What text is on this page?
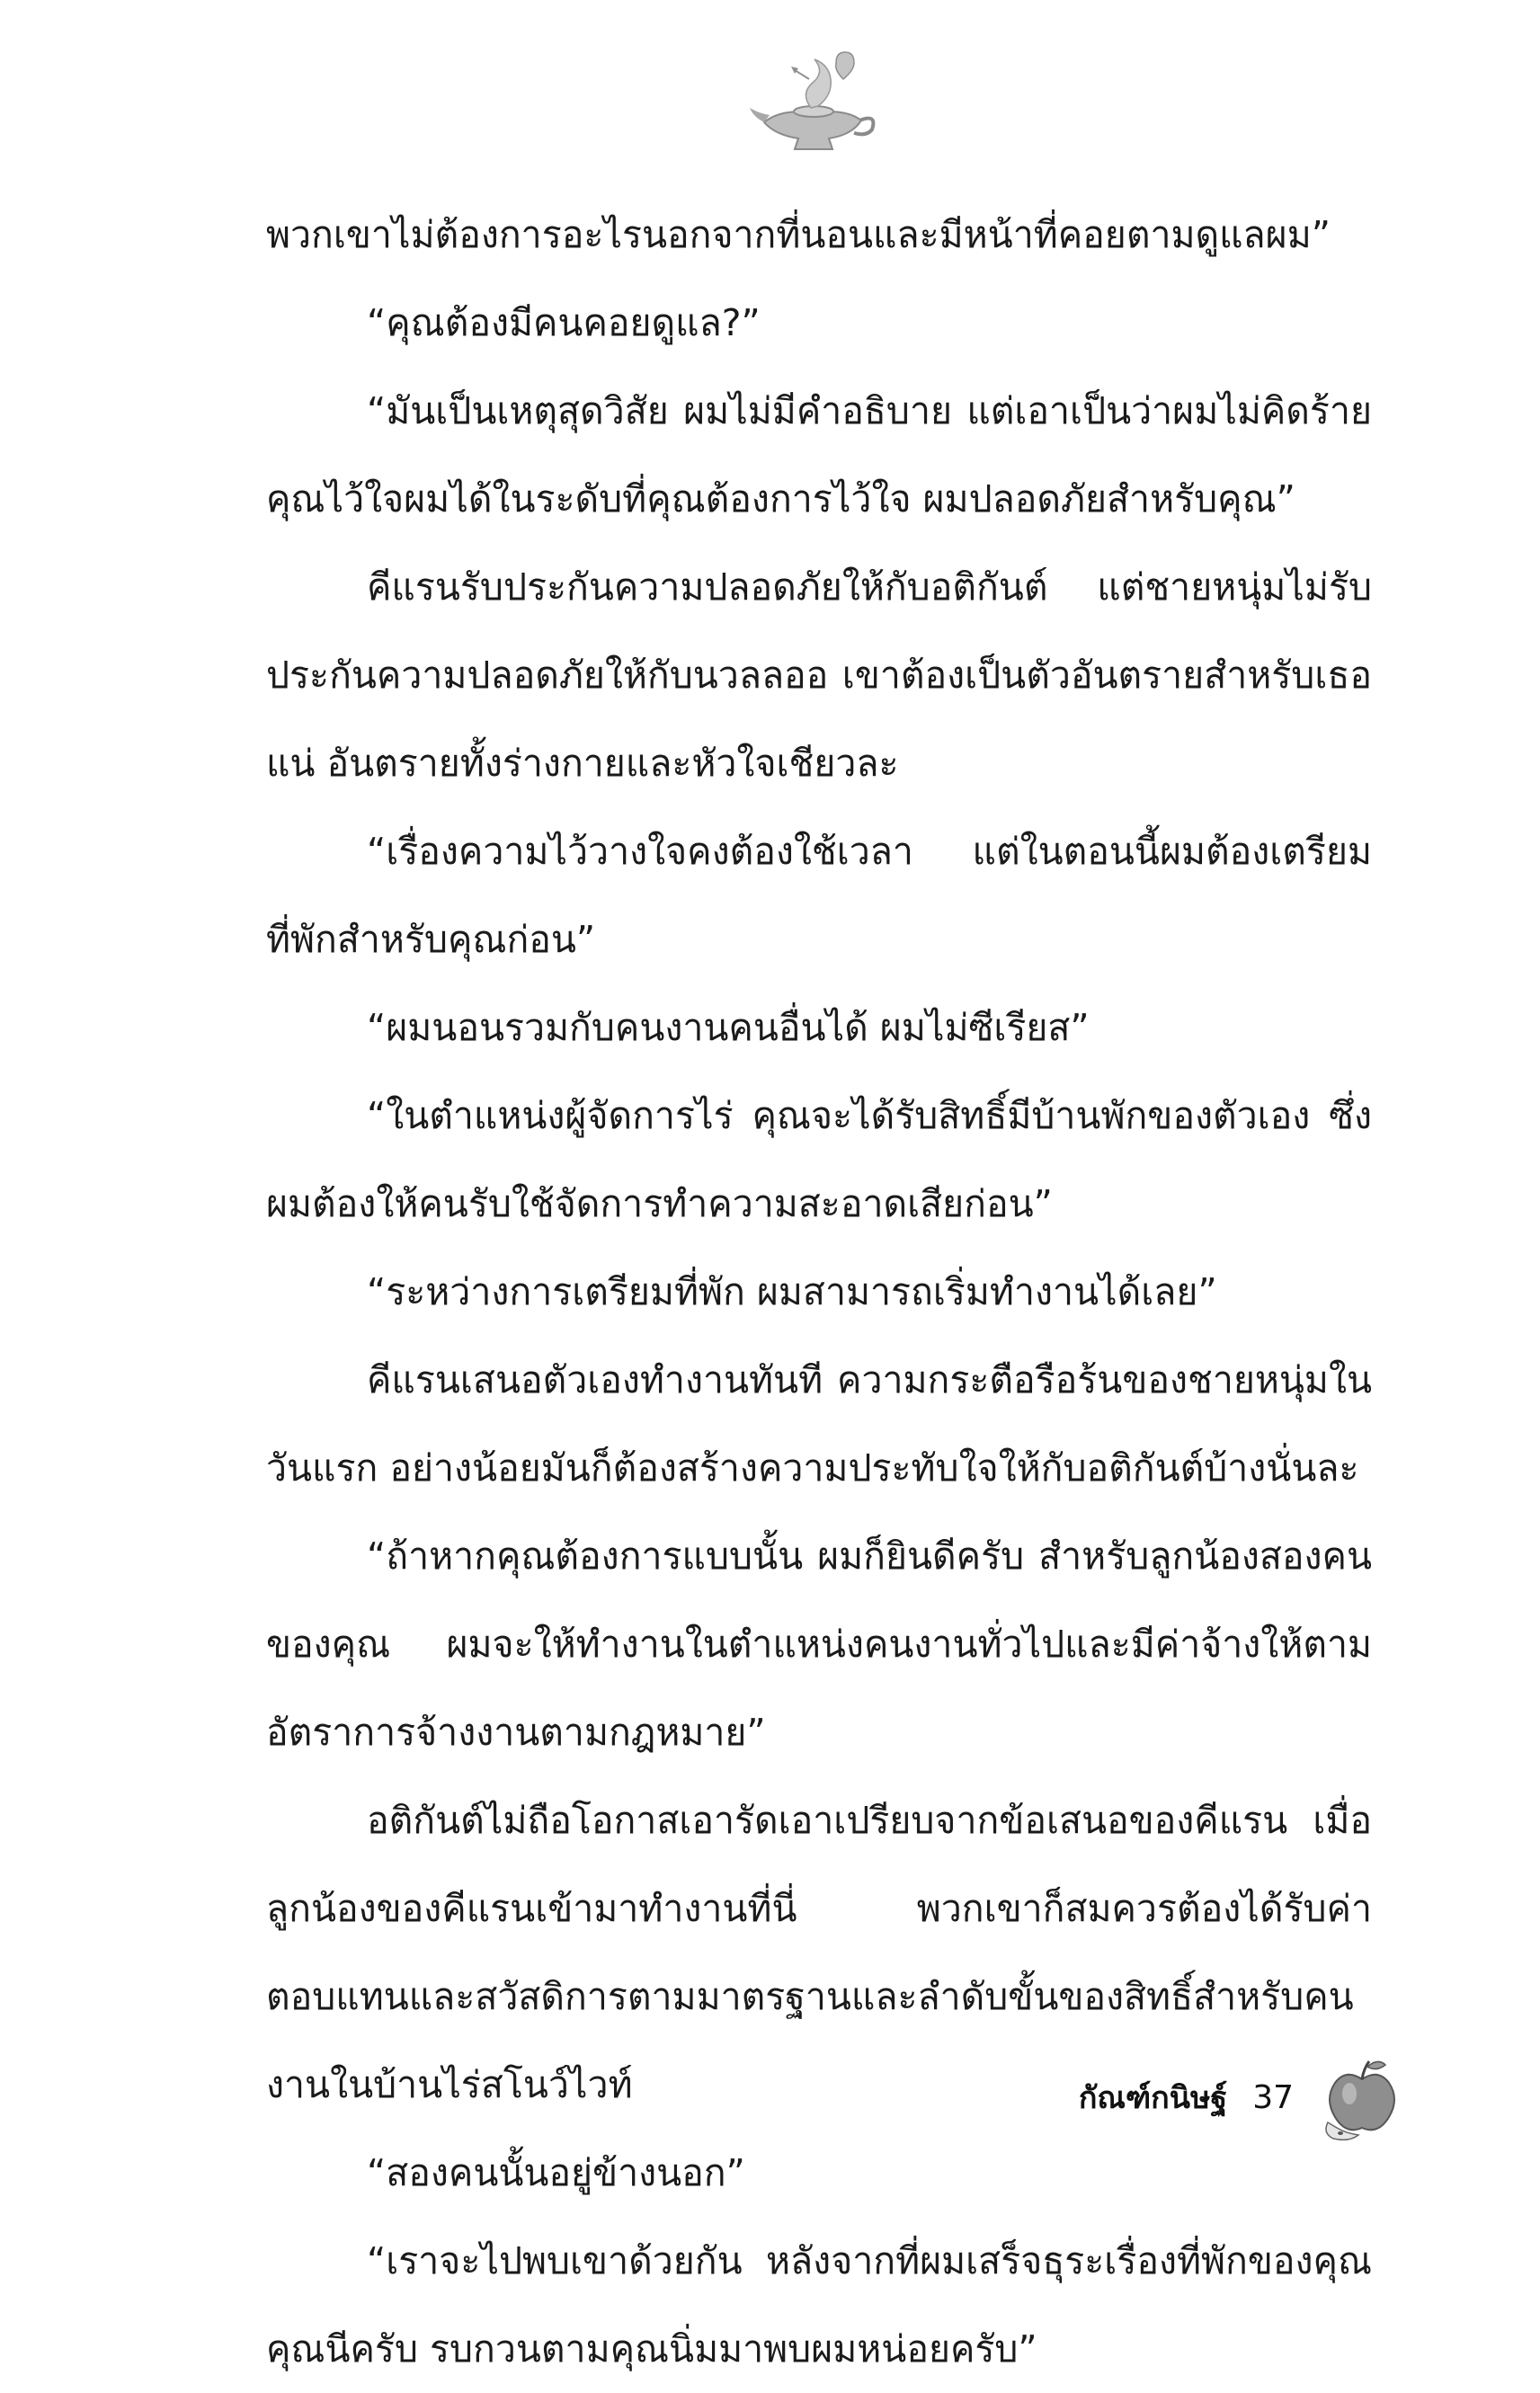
พวกเขาไม่ต้องการอะไรนอกจากที่นอนและมีหน้าที่คอยตามดูแลผม”

“คุณต้องมีคนคอยดูแล?”

“มันเป็นเหตุสุดวิสัย ผมไม่มีคำอธิบาย แต่เอาเป็นว่าผมไม่คิดร้าย คุณไว้ใจผมได้ในระดับที่คุณต้องการไว้ใจ ผมปลอดภัยสำหรับคุณ”

คีแรนรับประกันความปลอดภัยให้กับอติกันต์ แต่ชายหนุ่มไม่รับประกันความปลอดภัยให้กับนวลลออ เขาต้องเป็นตัวอันตรายสำหรับเธอแน่ อันตรายทั้งร่างกายและหัวใจเชียวละ

“เรื่องความไว้วางใจคงต้องใช้เวลา แต่ในตอนนี้ผมต้องเตรียมที่พักสำหรับคุณก่อน”

“ผมนอนรวมกับคนงานคนอื่นได้ ผมไม่ซีเรียส”

“ในตำแหน่งผู้จัดการไร่ คุณจะได้รับสิทธิ์มีบ้านพักของตัวเอง ซึ่งผมต้องให้คนรับใช้จัดการทำความสะอาดเสียก่อน”

“ระหว่างการเตรียมที่พัก ผมสามารถเริ่มทำงานได้เลย”

คีแรนเสนอตัวเองทำงานทันที ความกระตือรือร้นของชายหนุ่มในวันแรก อย่างน้อยมันก็ต้องสร้างความประทับใจให้กับอติกันต์บ้างนั่นละ

“ถ้าหากคุณต้องการแบบนั้น ผมก็ยินดีครับ สำหรับลูกน้องสองคนของคุณ ผมจะให้ทำงานในตำแหน่งคนงานทั่วไปและมีค่าจ้างให้ตามอัตราการจ้างงานตามกฎหมาย”

อติกันต์ไม่ถือโอกาสเอารัดเอาเปรียบจากข้อเสนอของคีแรน เมื่อลูกน้องของคีแรนเข้ามาทำงานที่นี่ พวกเขาก็สมควรต้องได้รับค่าตอบแทนและสวัสดิการตามมาตรฐานและลำดับขั้นของสิทธิ์สำหรับคนงานในบ้านไร่สโนว์ไวท์

“สองคนนั้นอยู่ข้างนอก”

“เราจะไปพบเขาด้วยกัน หลังจากที่ผมเสร็จธุระเรื่องที่พักของคุณ คุณนีครับ รบกวนตามคุณนิ่มมาพบผมหน่อยครับ”

กัณฑ์กนิษฐ์ 37
